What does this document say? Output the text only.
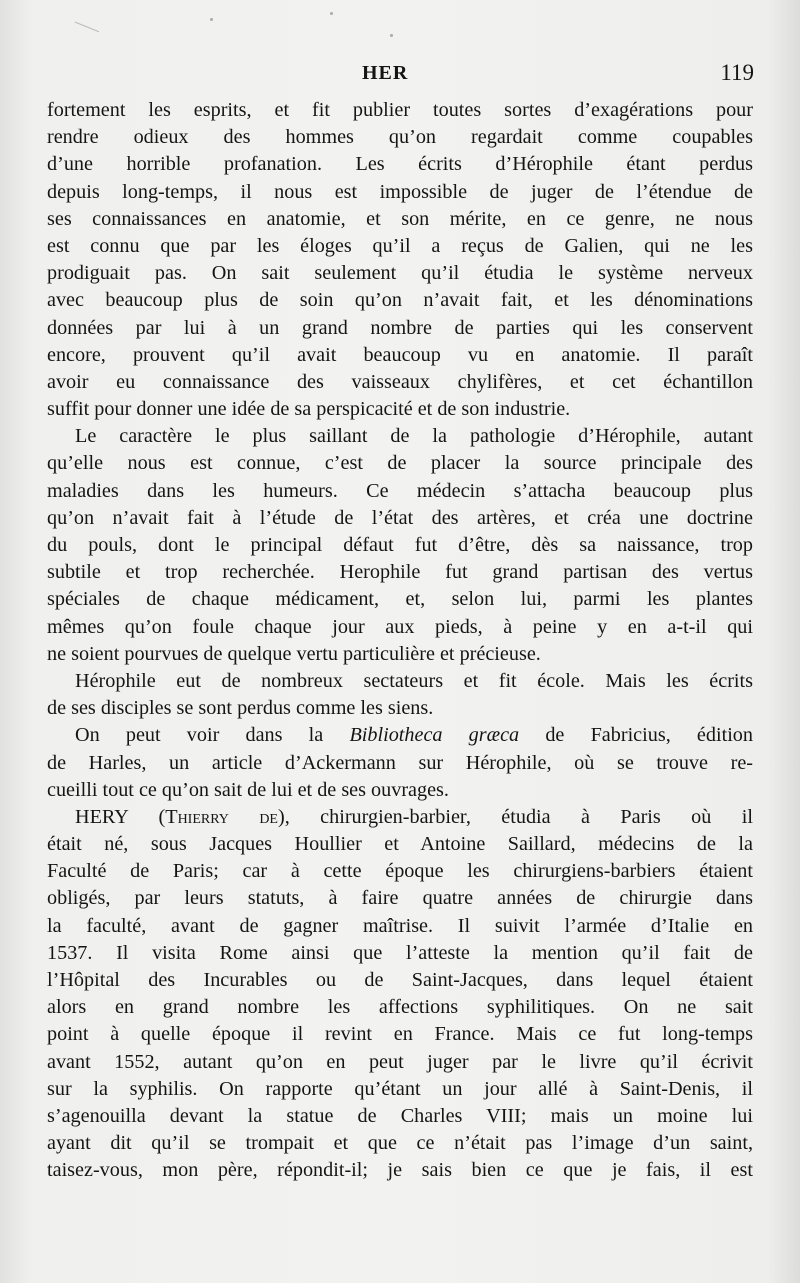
HER	119
fortement les esprits, et fit publier toutes sortes d’exagérations pour
rendre odieux des hommes qu’on regardait comme coupables
d’une horrible profanation. Les écrits d’Hérophile étant perdus
depuis long-temps, il nous est impossible de juger de l’étendue de
ses connaissances en anatomie, et son mérite, en ce genre, ne nous
est connu que par les éloges qu’il a reçus de Galien, qui ne les
prodiguait pas. On sait seulement qu’il étudia le système nerveux
avec beaucoup plus de soin qu’on n’avait fait, et les dénominations
données par lui à un grand nombre de parties qui les conservent
encore, prouvent qu’il avait beaucoup vu en anatomie. Il paraît
avoir eu connaissance des vaisseaux chylifères, et cet échantillon
suffit pour donner une idée de sa perspicacité et de son industrie.
Le caractère le plus saillant de la pathologie d’Hérophile, autant
qu’elle nous est connue, c’est de placer la source principale des
maladies dans les humeurs. Ce médecin s’attacha beaucoup plus
qu’on n’avait fait à l’étude de l’état des artères, et créa une doctrine
du pouls, dont le principal défaut fut d’être, dès sa naissance, trop
subtile et trop recherchée. Herophile fut grand partisan des vertus
spéciales de chaque médicament, et, selon lui, parmi les plantes
mêmes qu’on foule chaque jour aux pieds, à peine y en a-t-il qui
ne soient pourvues de quelque vertu particulière et précieuse.
Hérophile eut de nombreux sectateurs et fit école. Mais les écrits
de ses disciples se sont perdus comme les siens.
On peut voir dans la Bibliotheca græca de Fabricius, édition
de Harles, un article d’Ackermann sur Hérophile, où se trouve re-
cueilli tout ce qu’on sait de lui et de ses ouvrages.
HERY (Thierry de), chirurgien-barbier, étudia à Paris où il
était né, sous Jacques Houllier et Antoine Saillard, médecins de la
Faculté de Paris; car à cette époque les chirurgiens-barbiers étaient
obligés, par leurs statuts, à faire quatre années de chirurgie dans
la faculté, avant de gagner maîtrise. Il suivit l’armée d’Italie en
1537. Il visita Rome ainsi que l’atteste la mention qu’il fait de
l’Hôpital des Incurables ou de Saint-Jacques, dans lequel étaient
alors en grand nombre les affections syphilitiques. On ne sait
point à quelle époque il revint en France. Mais ce fut long-temps
avant 1552, autant qu’on en peut juger par le livre qu’il écrivit
sur la syphilis. On rapporte qu’étant un jour allé à Saint-Denis, il
s’agenouilla devant la statue de Charles VIII; mais un moine lui
ayant dit qu’il se trompait et que ce n’était pas l’image d’un saint,
taisez-vous, mon père, répondit-il; je sais bien ce que je fais, il est
